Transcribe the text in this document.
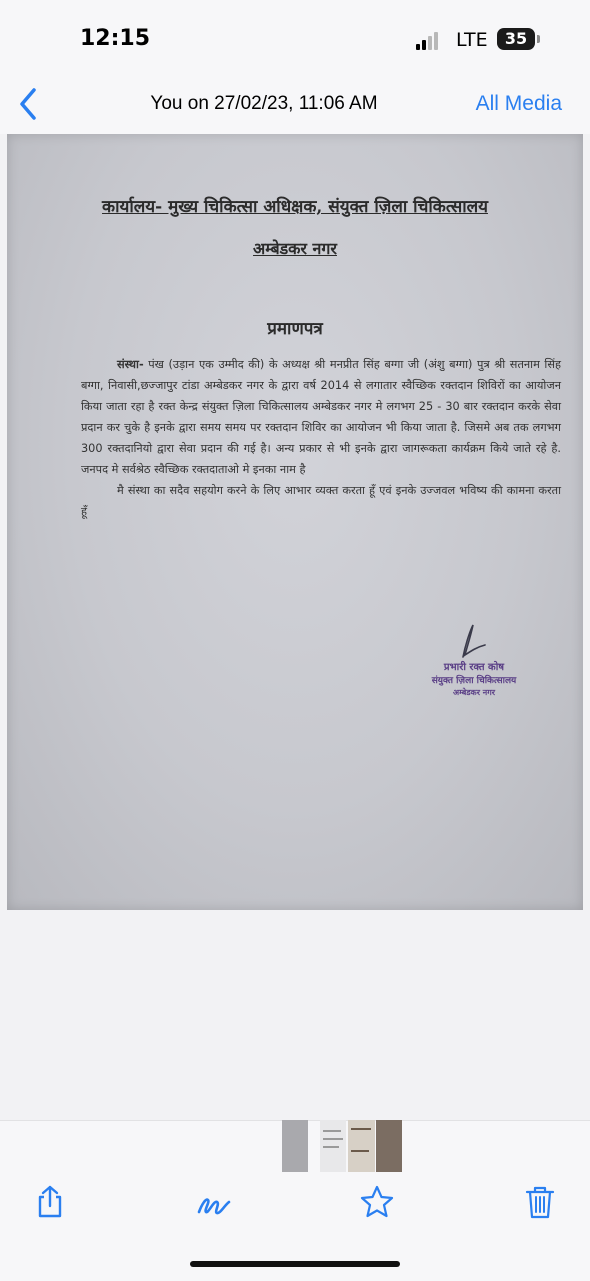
12:15	LTE	35
You on 27/02/23, 11:06 AM	All Media
कार्यालय- मुख्य चिकित्सा अधिक्षक, संयुक्त ज़िला चिकित्सालय
अम्बेडकर नगर
प्रमाणपत्र

संस्था- पंख (उड़ान एक उम्मीद की) के अध्यक्ष श्री मनप्रीत सिंह बग्गा जी (अंशु बग्गा) पुत्र श्री सतनाम सिंह बग्गा, निवासी,छज्जापुर टांडा अम्बेडकर नगर के द्वारा वर्ष 2014 से लगातार स्वैच्छिक रक्तदान शिविरों का आयोजन किया जाता रहा है रक्त केन्द्र संयुक्त ज़िला चिकित्सालय अम्बेडकर नगर मे लगभग 25 - 30 बार रक्तदान करके सेवा प्रदान कर चुके है इनके द्वारा समय समय पर रक्तदान शिविर का आयोजन भी किया जाता है. जिसमे अब तक लगभग 300 रक्तदानियो द्वारा सेवा प्रदान की गई है। अन्य प्रकार से भी इनके द्वारा जागरूकता कार्यक्रम किये जाते रहे है. जनपद मे सर्वश्रेठ स्वैच्छिक रक्तदाताओ मे इनका नाम है

मै संस्था का सदैव सहयोग करने के लिए आभार व्यक्त करता हूँ एवं इनके उज्जवल भविष्य की कामना करता हूँ

प्रभारी रक्त कोष
संयुक्त ज़िला चिकित्सालय
अम्बेडकर नगर
